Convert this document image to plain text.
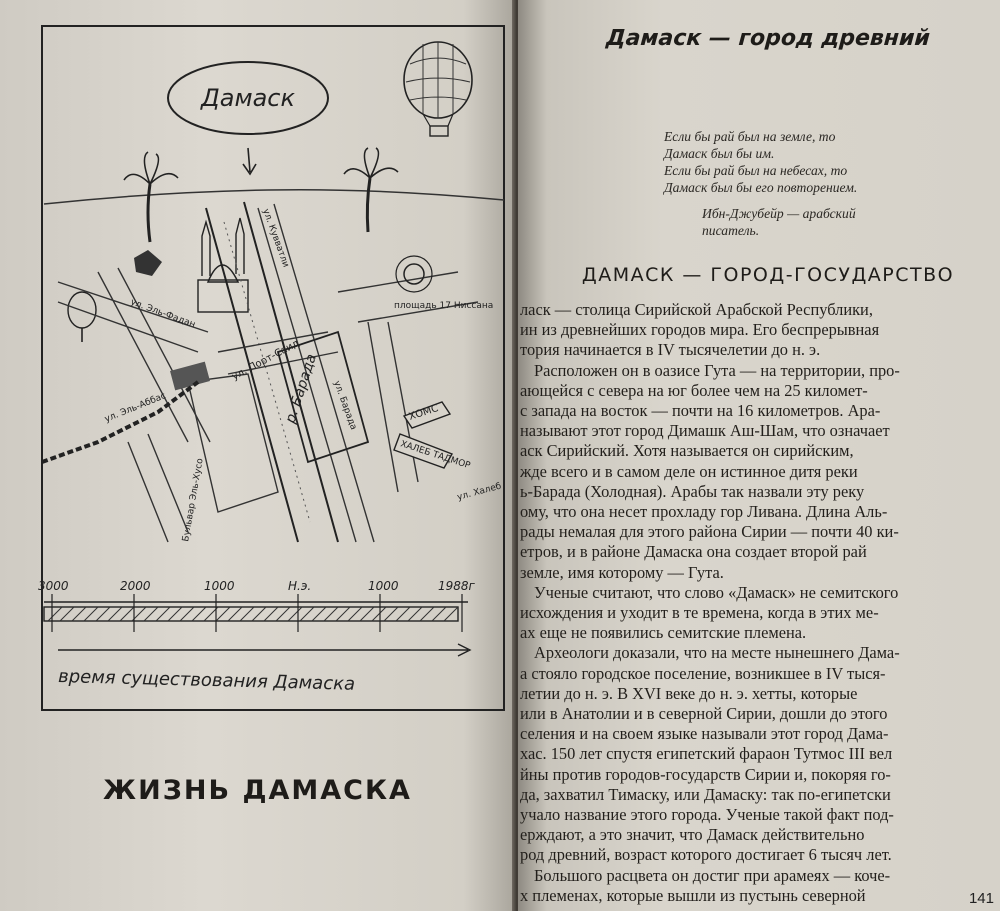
Дамаск
ул. Эль-Фадан
ул. Кувватли
ул. Порт-Саид
р. Барада ул. Барада
ул. Эль-Аббас
Бульвар Эль-Хусо	ул. Халеб
площадь 17 Ниссана
ХОМС
ХАЛЕБ ТАДМОР
3000	2000	1000	Н.э.	1000	1988г
время существования Дамаска
ЖИЗНЬ ДАМАСКА
Дамаск — город древний
Если бы рай был на земле, то
Дамаск был бы им.
Если бы рай был на небесах, то
Дамаск был бы его повторением.
Ибн-Джубейр — арабский
писатель.
ДАМАСК — ГОРОД-ГОСУДАРСТВО
ласк — столица Сирийской Арабской Республики,
ин из древнейших городов мира. Его беспрерывная
тория начинается в IV тысячелетии до н. э.
Расположен он в оазисе Гута — на территории, про-
ающейся с севера на юг более чем на 25 километ-
с запада на восток — почти на 16 километров. Ара-
называют этот город Димашк Аш-Шам, что означает
аск Сирийский. Хотя называется он сирийским,
жде всего и в самом деле он истинное дитя реки
ь-Барада (Холодная). Арабы так назвали эту реку
ому, что она несет прохладу гор Ливана. Длина Аль-
рады немалая для этого района Сирии — почти 40 ки-
етров, и в районе Дамаска она создает второй рай
земле, имя которому — Гута.
Ученые считают, что слово «Дамаск» не семитского
исхождения и уходит в те времена, когда в этих ме-
ах еще не появились семитские племена.
Археологи доказали, что на месте нынешнего Дама-
а стояло городское поселение, возникшее в IV тыся-
летии до н. э. В XVI веке до н. э. хетты, которые
или в Анатолии и в северной Сирии, дошли до этого
селения и на своем языке называли этот город Дама-
хас. 150 лет спустя египетский фараон Тутмос III вел
йны против городов-государств Сирии и, покоряя го-
да, захватил Тимаску, или Дамаску: так по-египетски
учало название этого города. Ученые такой факт под-
ерждают, а это значит, что Дамаск действительно
род древний, возраст которого достигает 6 тысяч лет.
Большого расцвета он достиг при арамеях — коче-
х племенах, которые вышли из пустынь северной	141
